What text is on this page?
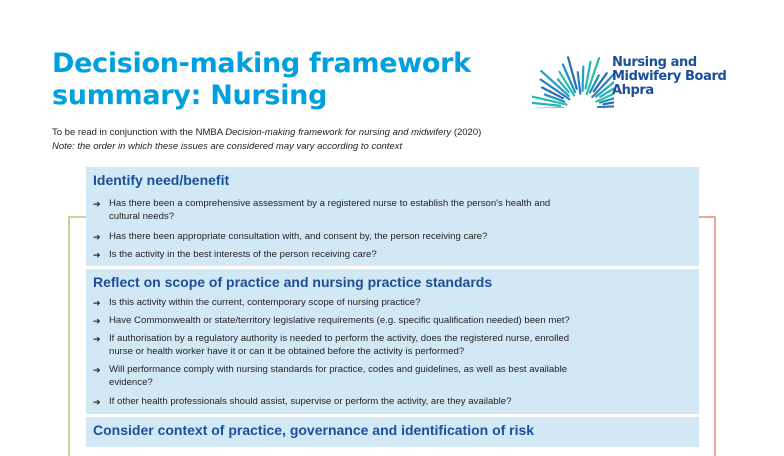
Decision-making framework
summary: Nursing
Nursing and
Midwifery Board
Ahpra
To be read in conjunction with the NMBA Decision-making framework for nursing and midwifery (2020)
Note: the order in which these issues are considered may vary according to context
Identify need/benefit
➔ Has there been a comprehensive assessment by a registered nurse to establish the person's health and
cultural needs?
➔ Has there been appropriate consultation with, and consent by, the person receiving care?
➔ Is the activity in the best interests of the person receiving care?
Reflect on scope of practice and nursing practice standards
➔ Is this activity within the current, contemporary scope of nursing practice?
➔ Have Commonwealth or state/territory legislative requirements (e.g. specific qualification needed) been met?
➔ If authorisation by a regulatory authority is needed to perform the activity, does the registered nurse, enrolled
nurse or health worker have it or can it be obtained before the activity is performed?
➔ Will performance comply with nursing standards for practice, codes and guidelines, as well as best available
evidence?
➔ If other health professionals should assist, supervise or perform the activity, are they available?
Consider context of practice, governance and identification of risk
